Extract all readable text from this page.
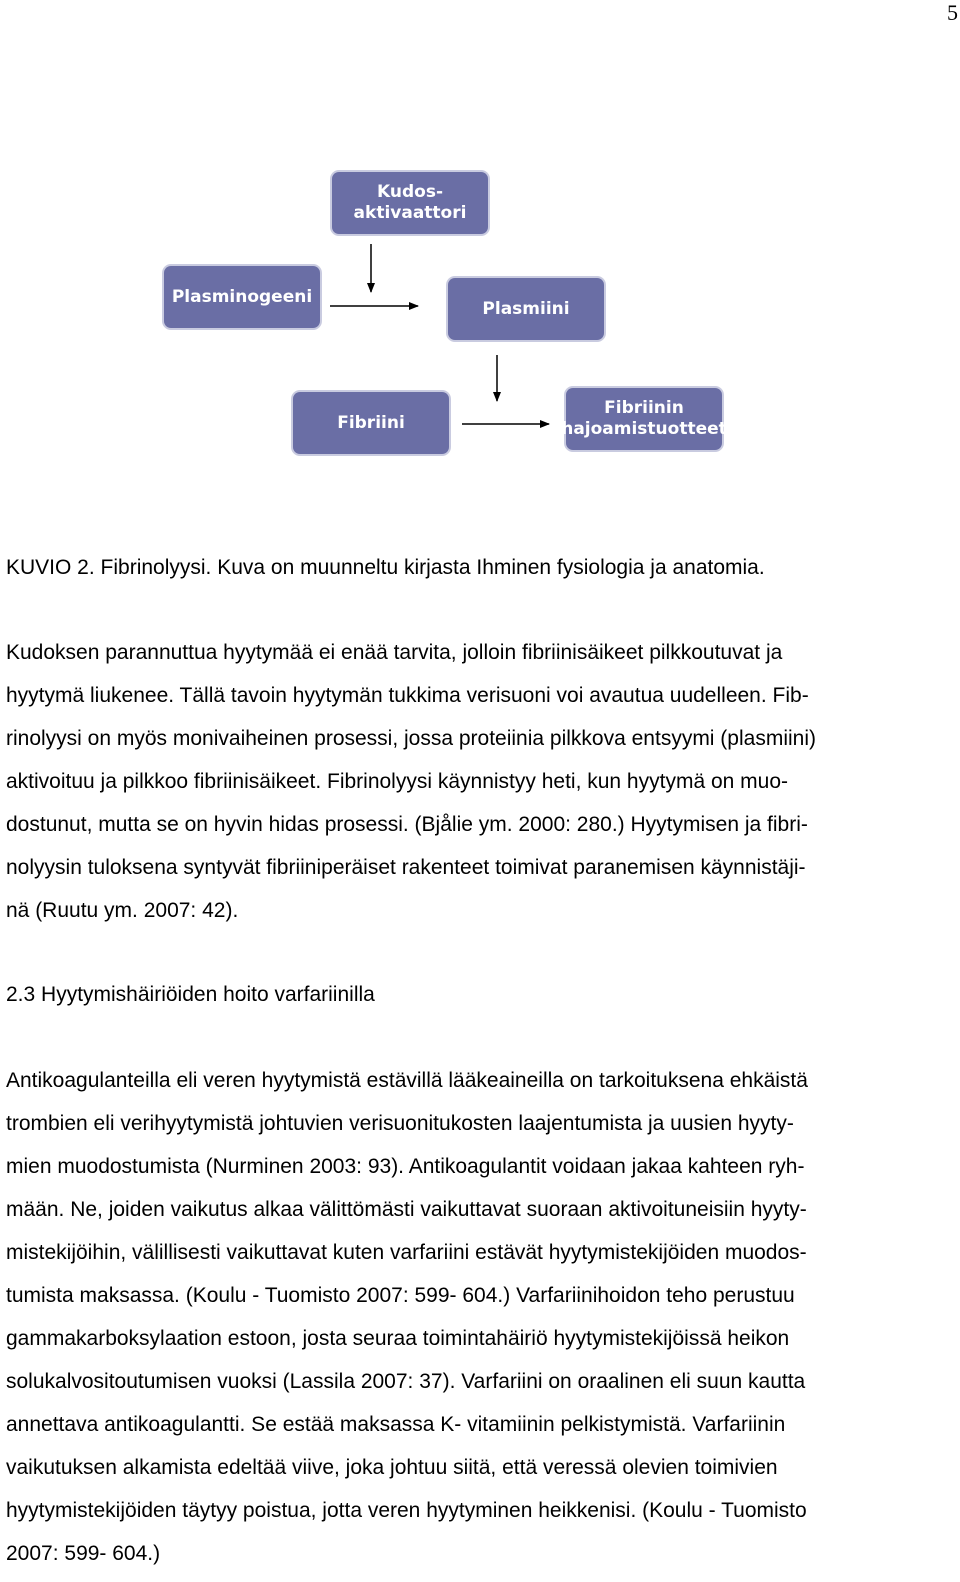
5
Kudos-
aktivaattori
Plasminogeeni
Plasmiini
Fibriini
Fibriinin
hajoamistuotteet
KUVIO 2. Fibrinolyysi. Kuva on muunneltu kirjasta Ihminen fysiologia ja anatomia.
Kudoksen parannuttua hyytymää ei enää tarvita, jolloin fibriinisäikeet pilkkoutuvat ja
hyytymä liukenee. Tällä tavoin hyytymän tukkima verisuoni voi avautua uudelleen. Fib-
rinolyysi on myös monivaiheinen prosessi, jossa proteiinia pilkkova entsyymi (plasmiini)
aktivoituu ja pilkkoo fibriinisäikeet. Fibrinolyysi käynnistyy heti, kun hyytymä on muo-
dostunut, mutta se on hyvin hidas prosessi. (Bjålie ym. 2000: 280.) Hyytymisen ja fibri-
nolyysin tuloksena syntyvät fibriiniperäiset rakenteet toimivat paranemisen käynnistäji-
nä (Ruutu ym. 2007: 42).
2.3 Hyytymishäiriöiden hoito varfariinilla
Antikoagulanteilla eli veren hyytymistä estävillä lääkeaineilla on tarkoituksena ehkäistä
trombien eli verihyytymistä johtuvien verisuonitukosten laajentumista ja uusien hyyty-
mien muodostumista (Nurminen 2003: 93). Antikoagulantit voidaan jakaa kahteen ryh-
mään. Ne, joiden vaikutus alkaa välittömästi vaikuttavat suoraan aktivoituneisiin hyyty-
mistekijöihin, välillisesti vaikuttavat kuten varfariini estävät hyytymistekijöiden muodos-
tumista maksassa. (Koulu - Tuomisto 2007: 599- 604.) Varfariinihoidon teho perustuu
gammakarboksylaation estoon, josta seuraa toimintahäiriö hyytymistekijöissä heikon
solukalvositoutumisen vuoksi (Lassila 2007: 37). Varfariini on oraalinen eli suun kautta
annettava antikoagulantti. Se estää maksassa K- vitamiinin pelkistymistä. Varfariinin
vaikutuksen alkamista edeltää viive, joka johtuu siitä, että veressä olevien toimivien
hyytymistekijöiden täytyy poistua, jotta veren hyytyminen heikkenisi. (Koulu - Tuomisto
2007: 599- 604.)
